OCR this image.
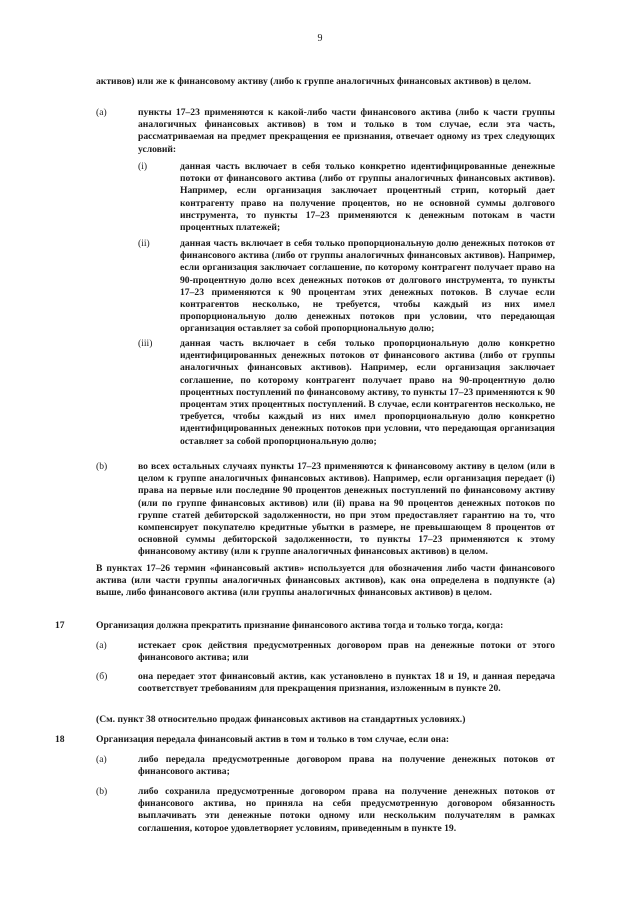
9
активов) или же к финансовому активу (либо к группе аналогичных финансовых активов) в целом.
(a)	пункты 17–23 применяются к какой-либо части финансового актива (либо к части группы аналогичных финансовых активов) в том и только в том случае, если эта часть, рассматриваемая на предмет прекращения ее признания, отвечает одному из трех следующих условий:
(i)	данная часть включает в себя только конкретно идентифицированные денежные потоки от финансового актива (либо от группы аналогичных финансовых активов). Например, если организация заключает процентный стрип, который дает контрагенту право на получение процентов, но не основной суммы долгового инструмента, то пункты 17–23 применяются к денежным потокам в части процентных платежей;
(ii)	данная часть включает в себя только пропорциональную долю денежных потоков от финансового актива (либо от группы аналогичных финансовых активов). Например, если организация заключает соглашение, по которому контрагент получает право на 90-процентную долю всех денежных потоков от долгового инструмента, то пункты 17–23 применяются к 90 процентам этих денежных потоков. В случае если контрагентов несколько, не требуется, чтобы каждый из них имел пропорциональную долю денежных потоков при условии, что передающая организация оставляет за собой пропорциональную долю;
(iii)	данная часть включает в себя только пропорциональную долю конкретно идентифицированных денежных потоков от финансового актива (либо от группы аналогичных финансовых активов). Например, если организация заключает соглашение, по которому контрагент получает право на 90-процентную долю процентных поступлений по финансовому активу, то пункты 17–23 применяются к 90 процентам этих процентных поступлений. В случае, если контрагентов несколько, не требуется, чтобы каждый из них имел пропорциональную долю конкретно идентифицированных денежных потоков при условии, что передающая организация оставляет за собой пропорциональную долю;
(b)	во всех остальных случаях пункты 17–23 применяются к финансовому активу в целом (или в целом к группе аналогичных финансовых активов). Например, если организация передает (i) права на первые или последние 90 процентов денежных поступлений по финансовому активу (или по группе финансовых активов) или (ii) права на 90 процентов денежных потоков по группе статей дебиторской задолженности, но при этом предоставляет гарантию на то, что компенсирует покупателю кредитные убытки в размере, не превышающем 8 процентов от основной суммы дебиторской задолженности, то пункты 17–23 применяются к этому финансовому активу (или к группе аналогичных финансовых активов) в целом.
В пунктах 17–26 термин «финансовый актив» используется для обозначения либо части финансового актива (или части группы аналогичных финансовых активов), как она определена в подпункте (a) выше, либо финансового актива (или группы аналогичных финансовых активов) в целом.
17	Организация должна прекратить признание финансового актива тогда и только тогда, когда:
(a)	истекает срок действия предусмотренных договором прав на денежные потоки от этого финансового актива; или
(б)	она передает этот финансовый актив, как установлено в пунктах 18 и 19, и данная передача соответствует требованиям для прекращения признания, изложенным в пункте 20.
(См. пункт 38 относительно продаж финансовых активов на стандартных условиях.)
18	Организация передала финансовый актив в том и только в том случае, если она:
(a)	либо передала предусмотренные договором права на получение денежных потоков от финансового актива;
(b)	либо сохранила предусмотренные договором права на получение денежных потоков от финансового актива, но приняла на себя предусмотренную договором обязанность выплачивать эти денежные потоки одному или нескольким получателям в рамках соглашения, которое удовлетворяет условиям, приведенным в пункте 19.
